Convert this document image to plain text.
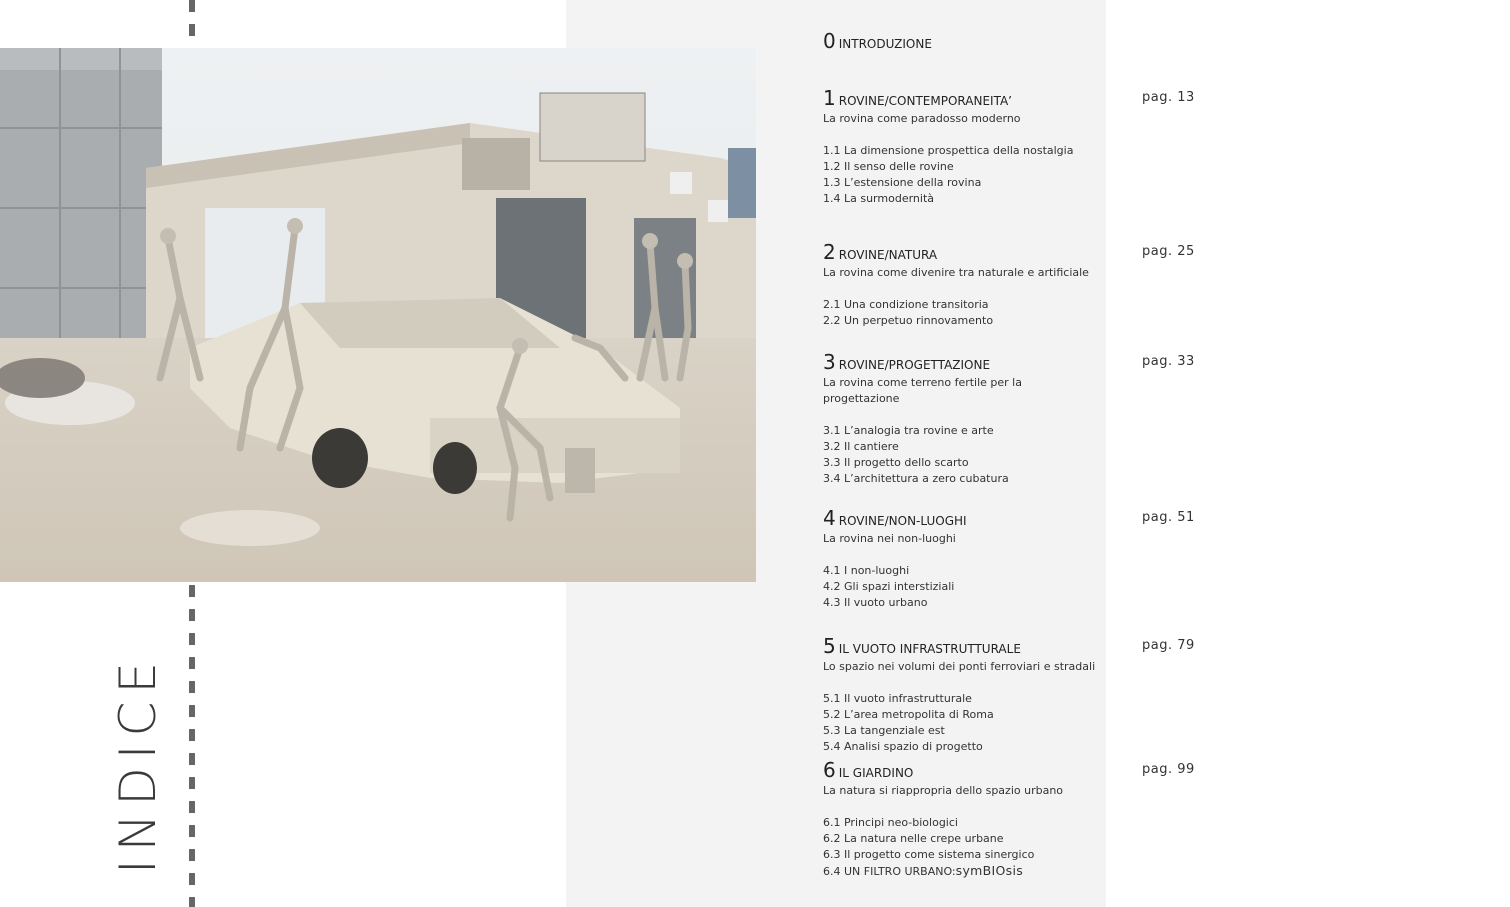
INDICE
0 INTRODUZIONE
1 ROVINE/CONTEMPORANEITA’	pag. 13
La rovina come paradosso moderno
1.1 La dimensione prospettica della nostalgia
1.2 Il senso delle rovine
1.3 L’estensione della rovina
1.4 La surmodernità
2 ROVINE/NATURA	pag. 25
La rovina come divenire tra naturale e artificiale
2.1 Una condizione transitoria
2.2 Un perpetuo rinnovamento
3 ROVINE/PROGETTAZIONE	pag. 33
La rovina come terreno fertile per la progettazione
3.1 L’analogia tra rovine e arte
3.2 Il cantiere
3.3 Il progetto dello scarto
3.4 L’architettura a zero cubatura
4 ROVINE/NON-LUOGHI	pag. 51
La rovina nei non-luoghi
4.1 I non-luoghi
4.2 Gli spazi interstiziali
4.3 Il vuoto urbano
5 IL VUOTO INFRASTRUTTURALE	pag. 79
Lo spazio nei volumi dei ponti ferroviari e stradali
5.1 Il vuoto infrastrutturale
5.2 L’area metropolita di Roma
5.3 La tangenziale est
5.4 Analisi spazio di progetto
6 IL GIARDINO	pag. 99
La natura si riappropria dello spazio urbano
6.1 Principi neo-biologici
6.2 La natura nelle crepe urbane
6.3 Il progetto come sistema sinergico
6.4 UN FILTRO URBANO:symBIOsis
